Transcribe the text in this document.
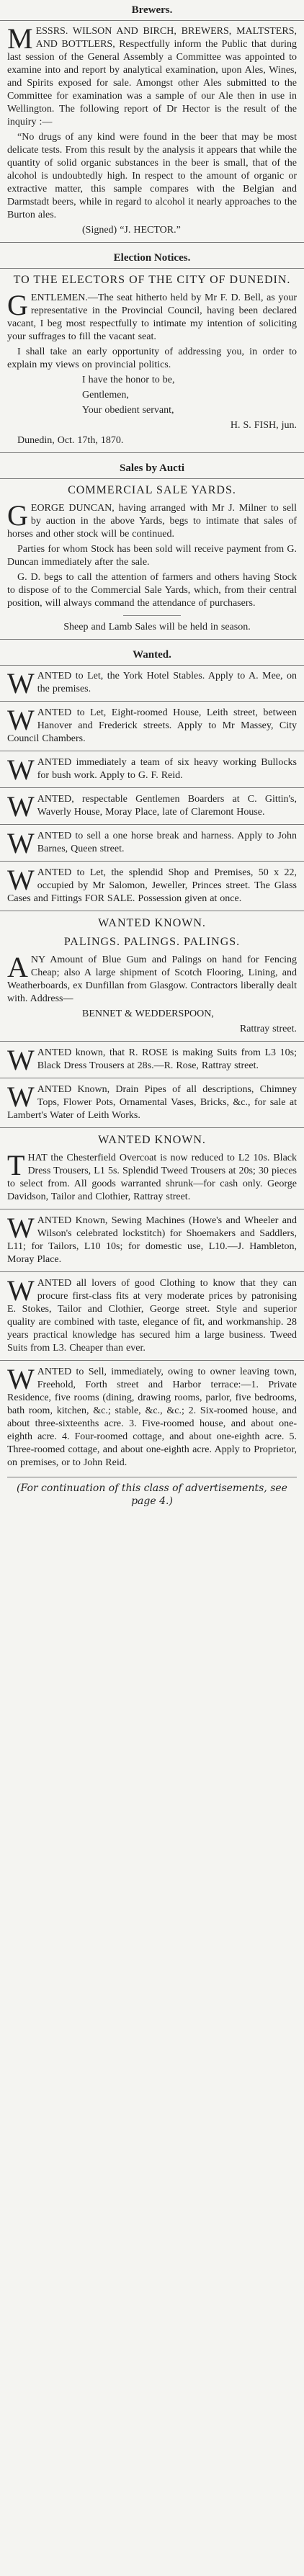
Brewers.

MESSRS. WILSON AND BIRCH, BREWERS, MALTSTERS, AND BOTTLERS, Respectfully inform the Public that during last session of the General Assembly a Committee was appointed to examine into and report by analytical examination, upon Ales, Wines, and Spirits exposed for sale. Amongst other Ales submitted to the Committee for examination was a sample of our Ale then in use in Wellington. The following report of Dr Hector is the result of the inquiry :—

“No drugs of any kind were found in the beer that may be most delicate tests. From this result by the analysis it appears that while the quantity of solid organic substances in the beer is small, that of the alcohol is undoubtedly high. In respect to the amount of organic or extractive matter, this sample compares with the Belgian and Darmstadt beers, while in regard to alcohol it nearly approaches to the Burton ales.

(Signed) “J. HECTOR.”

Election Notices.
TO THE ELECTORS OF THE CITY OF DUNEDIN.

GENTLEMEN.—The seat hitherto held by Mr F. D. Bell, as your representative in the Provincial Council, having been declared vacant, I beg most respectfully to intimate my intention of soliciting your suffrages to fill the vacant seat.

I shall take an early opportunity of addressing you, in order to explain my views on provincial politics.

I have the honor to be,

Gentlemen,

Your obedient servant,

H. S. FISH, jun.

Dunedin, Oct. 17th, 1870.

Sales by Aucti
COMMERCIAL SALE YARDS.

GEORGE DUNCAN, having arranged with Mr J. Milner to sell by auction in the above Yards, begs to intimate that sales of horses and other stock will be continued.

Parties for whom Stock has been sold will receive payment from G. Duncan immediately after the sale.

G. D. begs to call the attention of farmers and others having Stock to dispose of to the Commercial Sale Yards, which, from their central position, will always command the attendance of purchasers.

Sheep and Lamb Sales will be held in season.

Wanted.

WANTED to Let, the York Hotel Stables. Apply to A. Mee, on the premises.

WANTED to Let, Eight-roomed House, Leith street, between Hanover and Frederick streets. Apply to Mr Massey, City Council Chambers.

WANTED immediately a team of six heavy working Bullocks for bush work. Apply to G. F. Reid.

WANTED, respectable Gentlemen Boarders at C. Gittin's, Waverly House, Moray Place, late of Claremont House.

WANTED to sell a one horse break and harness. Apply to John Barnes, Queen street.

WANTED to Let, the splendid Shop and Premises, 50 x 22, occupied by Mr Salomon, Jeweller, Princes street. The Glass Cases and Fittings FOR SALE. Possession given at once.

WANTED KNOWN.
PALINGS. PALINGS. PALINGS.

ANY Amount of Blue Gum and Palings on hand for Fencing Cheap; also A large shipment of Scotch Flooring, Lining, and Weatherboards, ex Dunfillan from Glasgow. Contractors liberally dealt with. Address—

BENNET & WEDDERSPOON,

Rattray street.

WANTED known, that R. ROSE is making Suits from L3 10s; Black Dress Trousers at 28s.—R. Rose, Rattray street.

WANTED Known, Drain Pipes of all descriptions, Chimney Tops, Flower Pots, Ornamental Vases, Bricks, &c., for sale at Lambert's Water of Leith Works.

WANTED KNOWN.

THAT the Chesterfield Overcoat is now reduced to L2 10s. Black Dress Trousers, L1 5s. Splendid Tweed Trousers at 20s; 30 pieces to select from. All goods warranted shrunk—for cash only. George Davidson, Tailor and Clothier, Rattray street.

WANTED Known, Sewing Machines (Howe's and Wheeler and Wilson's celebrated lockstitch) for Shoemakers and Saddlers, L11; for Tailors, L10 10s; for domestic use, L10.—J. Hambleton, Moray Place.

WANTED all lovers of good Clothing to know that they can procure first-class fits at very moderate prices by patronising E. Stokes, Tailor and Clothier, George street. Style and superior quality are combined with taste, elegance of fit, and workmanship. 28 years practical knowledge has secured him a large business. Tweed Suits from L3. Cheaper than ever.

WANTED to Sell, immediately, owing to owner leaving town, Freehold, Forth street and Harbor terrace:—1. Private Residence, five rooms (dining, drawing rooms, parlor, five bedrooms, bath room, kitchen, &c.; stable, &c., &c.; 2. Six-roomed house, and about three-sixteenths acre. 3. Five-roomed house, and about one-eighth acre. 4. Four-roomed cottage, and about one-eighth acre. 5. Three-roomed cottage, and about one-eighth acre. Apply to Proprietor, on premises, or to John Reid.

(For continuation of this class of advertisements, see page 4.)
